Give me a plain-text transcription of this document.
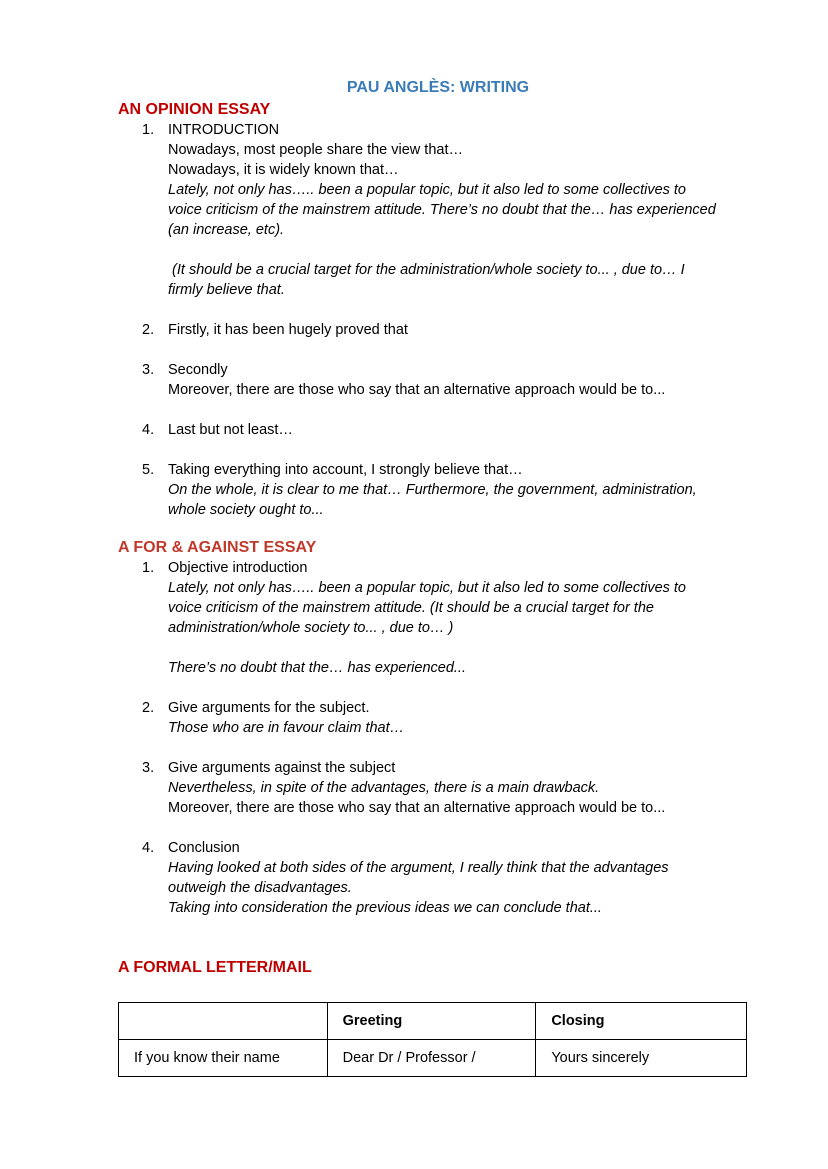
PAU ANGLÈS: WRITING
AN OPINION ESSAY
1. INTRODUCTION
Nowadays, most people share the view that…
Nowadays, it is widely known that…
Lately, not only has….. been a popular topic, but it also led to some collectives to
voice criticism of the mainstrem attitude. There’s no doubt that the… has experienced
(an increase, etc).
(It should be a crucial target for the administration/whole society to... , due to… I
firmly believe that.
2. Firstly, it has been hugely proved that
3. Secondly
Moreover, there are those who say that an alternative approach would be to...
4. Last but not least…
5. Taking everything into account, I strongly believe that…
On the whole, it is clear to me that… Furthermore, the government, administration,
whole society ought to...
A FOR & AGAINST ESSAY
1. Objective introduction
Lately, not only has….. been a popular topic, but it also led to some collectives to
voice criticism of the mainstrem attitude. (It should be a crucial target for the
administration/whole society to... , due to… )
There’s no doubt that the… has experienced...
2. Give arguments for the subject.
Those who are in favour claim that…
3. Give arguments against the subject
Nevertheless, in spite of the advantages, there is a main drawback.
Moreover, there are those who say that an alternative approach would be to...
4. Conclusion
Having looked at both sides of the argument, I really think that the advantages
outweigh the disadvantages.
Taking into consideration the previous ideas we can conclude that...
A FORMAL LETTER/MAIL
	Greeting	Closing
If you know their name	Dear Dr / Professor /	Yours sincerely
